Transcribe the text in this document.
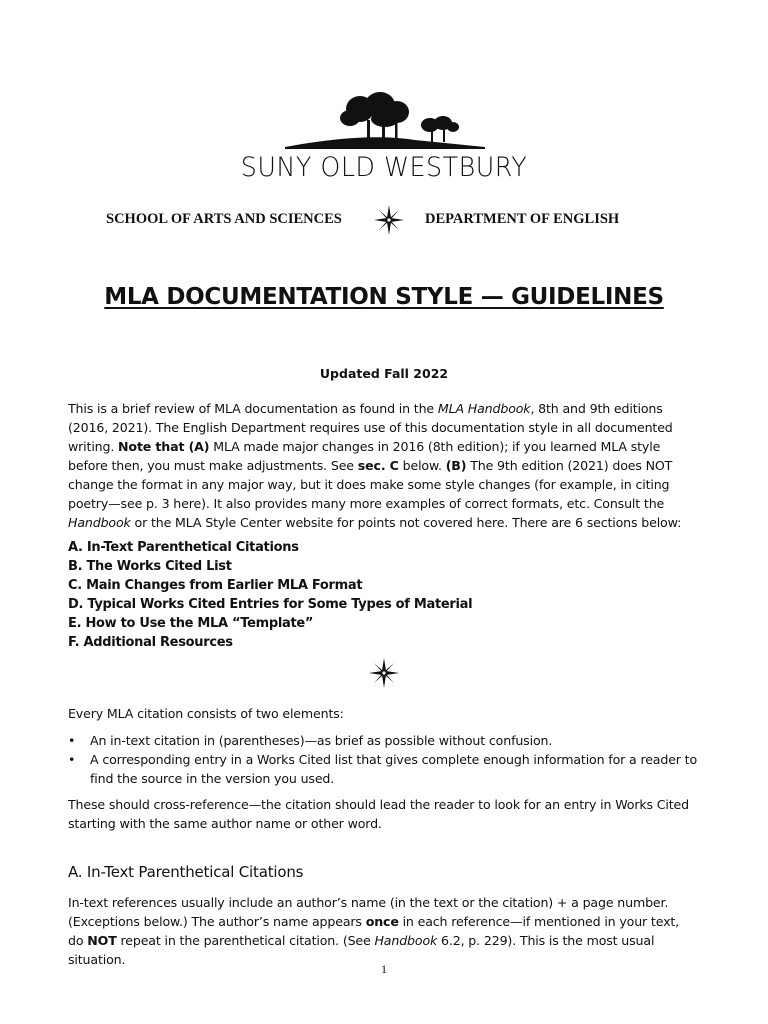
SUNY OLD WESTBURY
SCHOOL OF ARTS AND SCIENCES	DEPARTMENT OF ENGLISH
MLA DOCUMENTATION STYLE — GUIDELINES
Updated Fall 2022
This is a brief review of MLA documentation as found in the MLA Handbook, 8th and 9th editions (2016, 2021). The English Department requires use of this documentation style in all documented writing. Note that (A) MLA made major changes in 2016 (8th edition); if you learned MLA style before then, you must make adjustments. See sec. C below. (B) The 9th edition (2021) does NOT change the format in any major way, but it does make some style changes (for example, in citing poetry—see p. 3 here). It also provides many more examples of correct formats, etc. Consult the Handbook or the MLA Style Center website for points not covered here. There are 6 sections below:
A. In-Text Parenthetical Citations
B. The Works Cited List
C. Main Changes from Earlier MLA Format
D. Typical Works Cited Entries for Some Types of Material
E. How to Use the MLA “Template”
F. Additional Resources
Every MLA citation consists of two elements:
• An in-text citation in (parentheses)—as brief as possible without confusion.
• A corresponding entry in a Works Cited list that gives complete enough information for a reader to find the source in the version you used.
These should cross-reference—the citation should lead the reader to look for an entry in Works Cited starting with the same author name or other word.
A. In-Text Parenthetical Citations
In-text references usually include an author’s name (in the text or the citation) + a page number. (Exceptions below.) The author’s name appears once in each reference—if mentioned in your text, do NOT repeat in the parenthetical citation. (See Handbook 6.2, p. 229). This is the most usual situation.
1
